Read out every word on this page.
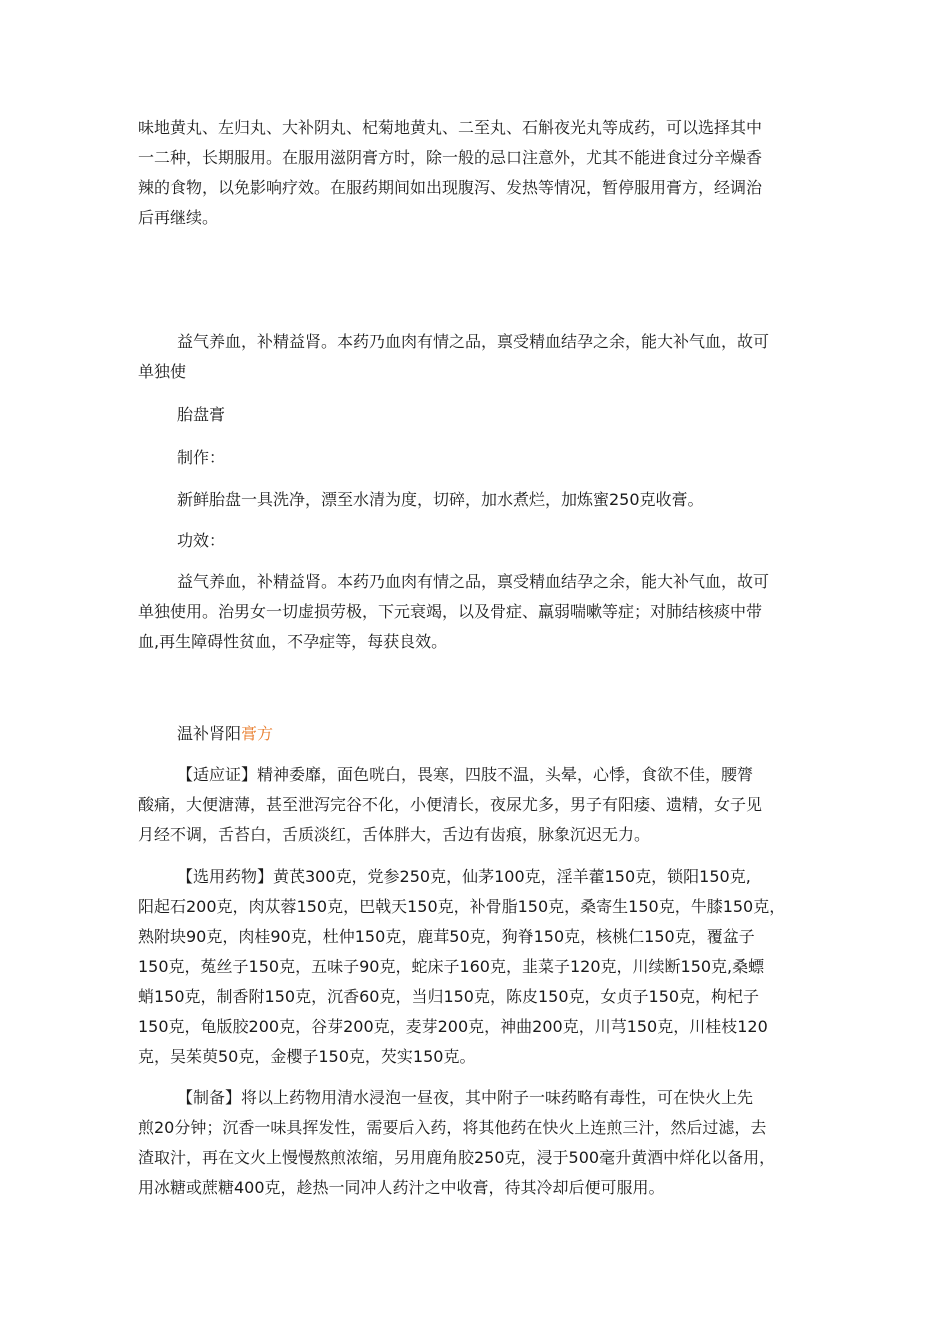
味地黄丸、左归丸、大补阴丸、杞菊地黄丸、二至丸、石斛夜光丸等成药，可以选择其中
一二种，长期服用。在服用滋阴膏方时，除一般的忌口注意外，尤其不能进食过分辛燥香
辣的食物，以免影响疗效。在服药期间如出现腹泻、发热等情况，暂停服用膏方，经调治
后再继续。
益气养血，补精益肾。本药乃血肉有情之品，禀受精血结孕之余，能大补气血，故可
单独使
胎盘膏
制作：
新鲜胎盘一具洗净，漂至水清为度，切碎，加水煮烂，加炼蜜250克收膏。
功效：
益气养血，补精益肾。本药乃血肉有情之品，禀受精血结孕之余，能大补气血，故可
单独使用。治男女一切虚损劳极，下元衰竭，以及骨症、羸弱喘嗽等症；对肺结核痰中带
血,再生障碍性贫血，不孕症等，每获良效。
温补肾阳膏方
【适应证】精神委靡，面色咣白，畏寒，四肢不温，头晕，心悸，食欲不佳，腰膂
酸痛，大便溏薄，甚至泄泻完谷不化，小便清长，夜尿尤多，男子有阳痿、遗精，女子见
月经不调，舌苔白，舌质淡红，舌体胖大，舌边有齿痕，脉象沉迟无力。
【选用药物】黄芪300克，党参250克，仙茅100克，淫羊藿150克，锁阳150克,
阳起石200克，肉苁蓉150克，巴戟天150克，补骨脂150克，桑寄生150克，牛膝150克，
熟附块90克，肉桂90克，杜仲150克，鹿茸50克，狗脊150克，核桃仁150克，覆盆子
150克，菟丝子150克，五味子90克，蛇床子160克，韭菜子120克，川续断150克,桑螵
蛸150克，制香附150克，沉香60克，当归150克，陈皮150克，女贞子150克，枸杞子
150克，龟版胶200克，谷芽200克，麦芽200克，神曲200克，川芎150克，川桂枝120
克，吴茱萸50克，金樱子150克，芡实150克。
【制备】将以上药物用清水浸泡一昼夜，其中附子一味药略有毒性，可在快火上先
煎20分钟；沉香一味具挥发性，需要后入药，将其他药在快火上连煎三汁，然后过滤，去
渣取汁，再在文火上慢慢熬煎浓缩，另用鹿角胶250克，浸于500毫升黄酒中烊化以备用，
用冰糖或蔗糖400克，趁热一同冲人药汁之中收膏，待其冷却后便可服用。
